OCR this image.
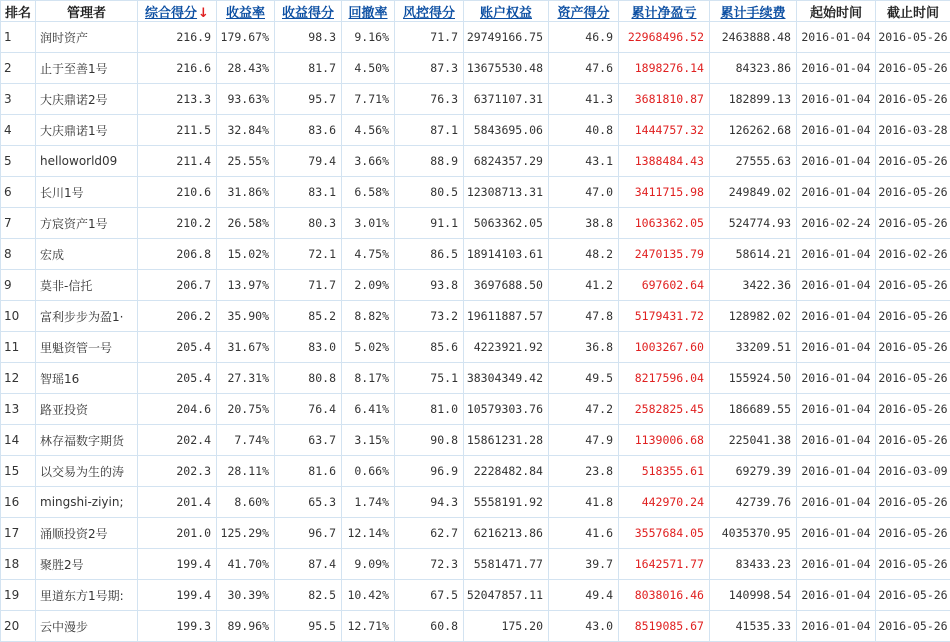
排名	管理者	综合得分↓	收益率	收益得分	回撤率	风控得分	账户权益	资产得分	累计净盈亏	累计手续费	起始时间	截止时间
1	润时资产	216.9	179.67%	98.3	9.16%	71.7	29749166.75	46.9	22968496.52	2463888.48	2016-01-04	2016-05-26
2	止于至善1号	216.6	28.43%	81.7	4.50%	87.3	13675530.48	47.6	1898276.14	84323.86	2016-01-04	2016-05-26
3	大庆鼎诺2号	213.3	93.63%	95.7	7.71%	76.3	6371107.31	41.3	3681810.87	182899.13	2016-01-04	2016-05-26
4	大庆鼎诺1号	211.5	32.84%	83.6	4.56%	87.1	5843695.06	40.8	1444757.32	126262.68	2016-01-04	2016-03-28
5	helloworld09	211.4	25.55%	79.4	3.66%	88.9	6824357.29	43.1	1388484.43	27555.63	2016-01-04	2016-05-26
6	长川1号	210.6	31.86%	83.1	6.58%	80.5	12308713.31	47.0	3411715.98	249849.02	2016-01-04	2016-05-26
7	方宸资产1号	210.2	26.58%	80.3	3.01%	91.1	5063362.05	38.8	1063362.05	524774.93	2016-02-24	2016-05-26
8	宏成	206.8	15.02%	72.1	4.75%	86.5	18914103.61	48.2	2470135.79	58614.21	2016-01-04	2016-02-26
9	莫非-信托	206.7	13.97%	71.7	2.09%	93.8	3697688.50	41.2	697602.64	3422.36	2016-01-04	2016-05-26
10	富利步步为盈1·	206.2	35.90%	85.2	8.82%	73.2	19611887.57	47.8	5179431.72	128982.02	2016-01-04	2016-05-26
11	里魁资管一号	205.4	31.67%	83.0	5.02%	85.6	4223921.92	36.8	1003267.60	33209.51	2016-01-04	2016-05-26
12	智瑶16	205.4	27.31%	80.8	8.17%	75.1	38304349.42	49.5	8217596.04	155924.50	2016-01-04	2016-05-26
13	路亚投资	204.6	20.75%	76.4	6.41%	81.0	10579303.76	47.2	2582825.45	186689.55	2016-01-04	2016-05-26
14	林存福数字期货	202.4	7.74%	63.7	3.15%	90.8	15861231.28	47.9	1139006.68	225041.38	2016-01-04	2016-05-26
15	以交易为生的涛	202.3	28.11%	81.6	0.66%	96.9	2228482.84	23.8	518355.61	69279.39	2016-01-04	2016-03-09
16	mingshi-ziyin;	201.4	8.60%	65.3	1.74%	94.3	5558191.92	41.8	442970.24	42739.76	2016-01-04	2016-05-26
17	涌顺投资2号	201.0	125.29%	96.7	12.14%	62.7	6216213.86	41.6	3557684.05	4035370.95	2016-01-04	2016-05-26
18	聚胜2号	199.4	41.70%	87.4	9.09%	72.3	5581471.77	39.7	1642571.77	83433.23	2016-01-04	2016-05-26
19	里道东方1号期:	199.4	30.39%	82.5	10.42%	67.5	52047857.11	49.4	8038016.46	140998.54	2016-01-04	2016-05-26
20	云中漫步	199.3	89.96%	95.5	12.71%	60.8	175.20	43.0	8519085.67	41535.33	2016-01-04	2016-05-26
